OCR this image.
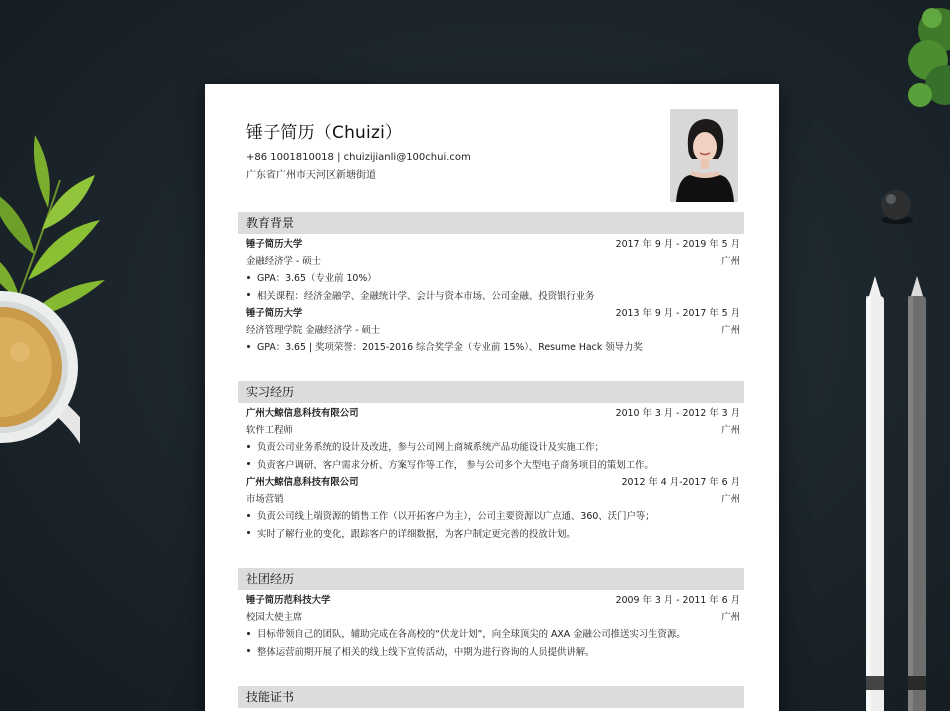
锤子简历（Chuizi）
+86 1001810018 | chuizijianli@100chui.com
广东省广州市天河区新塘街道
教育背景
锤子简历大学	2017 年 9 月 - 2019 年 5 月
金融经济学 - 硕士	广州
GPA：3.65（专业前 10%）
相关课程：经济金融学、金融统计学、会计与资本市场、公司金融、投资银行业务
锤子简历大学	2013 年 9 月 - 2017 年 5 月
经济管理学院 金融经济学 - 硕士	广州
GPA：3.65 | 奖项荣誉：2015-2016 综合奖学金（专业前 15%）、Resume Hack 领导力奖
实习经历
广州大鲸信息科技有限公司	2010 年 3 月 - 2012 年 3 月
软件工程师	广州
负责公司业务系统的设计及改进，参与公司网上商城系统产品功能设计及实施工作；
负责客户调研、客户需求分析、方案写作等工作， 参与公司多个大型电子商务项目的策划工作。
广州大鲸信息科技有限公司	2012 年 4 月-2017 年 6 月
市场营销	广州
负责公司线上端资源的销售工作（以开拓客户为主），公司主要资源以广点通、360、沃门户等；
实时了解行业的变化，跟踪客户的详细数据，为客户制定更完善的投放计划。
社团经历
锤子简历范科技大学	2009 年 3 月 - 2011 年 6 月
校园大使主席	广州
目标带领自己的团队，辅助完成在各高校的“伏龙计划”，向全球顶尖的 AXA 金融公司推送实习生资源。
整体运营前期开展了相关的线上线下宣传活动，中期为进行咨询的人员提供讲解。
技能证书
